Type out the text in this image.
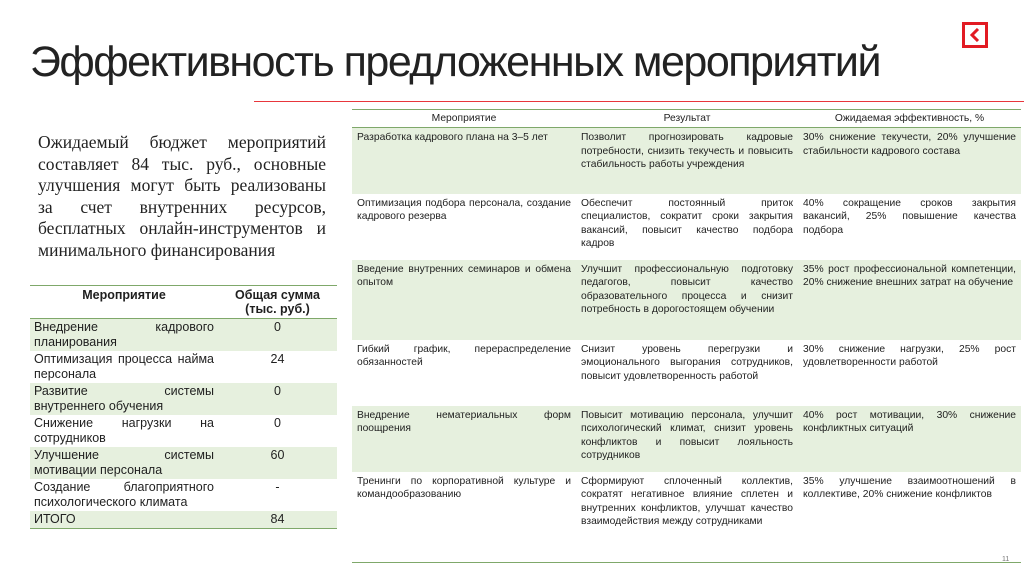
Эффективность предложенных мероприятий

Ожидаемый бюджет мероприятий составляет 84 тыс. руб., основные улучшения могут быть реализованы за счет внутренних ресурсов, бесплатных онлайн-инструментов и минимального финансирования

Мероприятие	Общая сумма (тыс. руб.)
Внедрение кадрового планирования	0
Оптимизация процесса найма персонала	24
Развитие системы внутреннего обучения	0
Снижение нагрузки на сотрудников	0
Улучшение системы мотивации персонала	60
Создание благоприятного психологического климата	-
ИТОГО	84
Мероприятие	Результат	Ожидаемая эффективность, %
Разработка кадрового плана на 3–5 лет	Позволит прогнозировать кадровые потребности, снизить текучесть и повысить стабильность работы учреждения	30% снижение текучести, 20% улучшение стабильности кадрового состава
Оптимизация подбора персонала, создание кадрового резерва	Обеспечит постоянный приток специалистов, сократит сроки закрытия вакансий, повысит качество подбора кадров	40% сокращение сроков закрытия вакансий, 25% повышение качества подбора
Введение внутренних семинаров и обмена опытом	Улучшит профессиональную подготовку педагогов, повысит качество образовательного процесса и снизит потребность в дорогостоящем обучении	35% рост профессиональной компетенции, 20% снижение внешних затрат на обучение
Гибкий график, перераспределение обязанностей	Снизит уровень перегрузки и эмоционального выгорания сотрудников, повысит удовлетворенность работой	30% снижение нагрузки, 25% рост удовлетворенности работой
Внедрение нематериальных форм поощрения	Повысит мотивацию персонала, улучшит психологический климат, снизит уровень конфликтов и повысит лояльность сотрудников	40% рост мотивации, 30% снижение конфликтных ситуаций
Тренинги по корпоративной культуре и командообразованию	Сформируют сплоченный коллектив, сократят негативное влияние сплетен и внутренних конфликтов, улучшат качество взаимодействия между сотрудниками	35% улучшение взаимоотношений в коллективе, 20% снижение конфликтов
11
